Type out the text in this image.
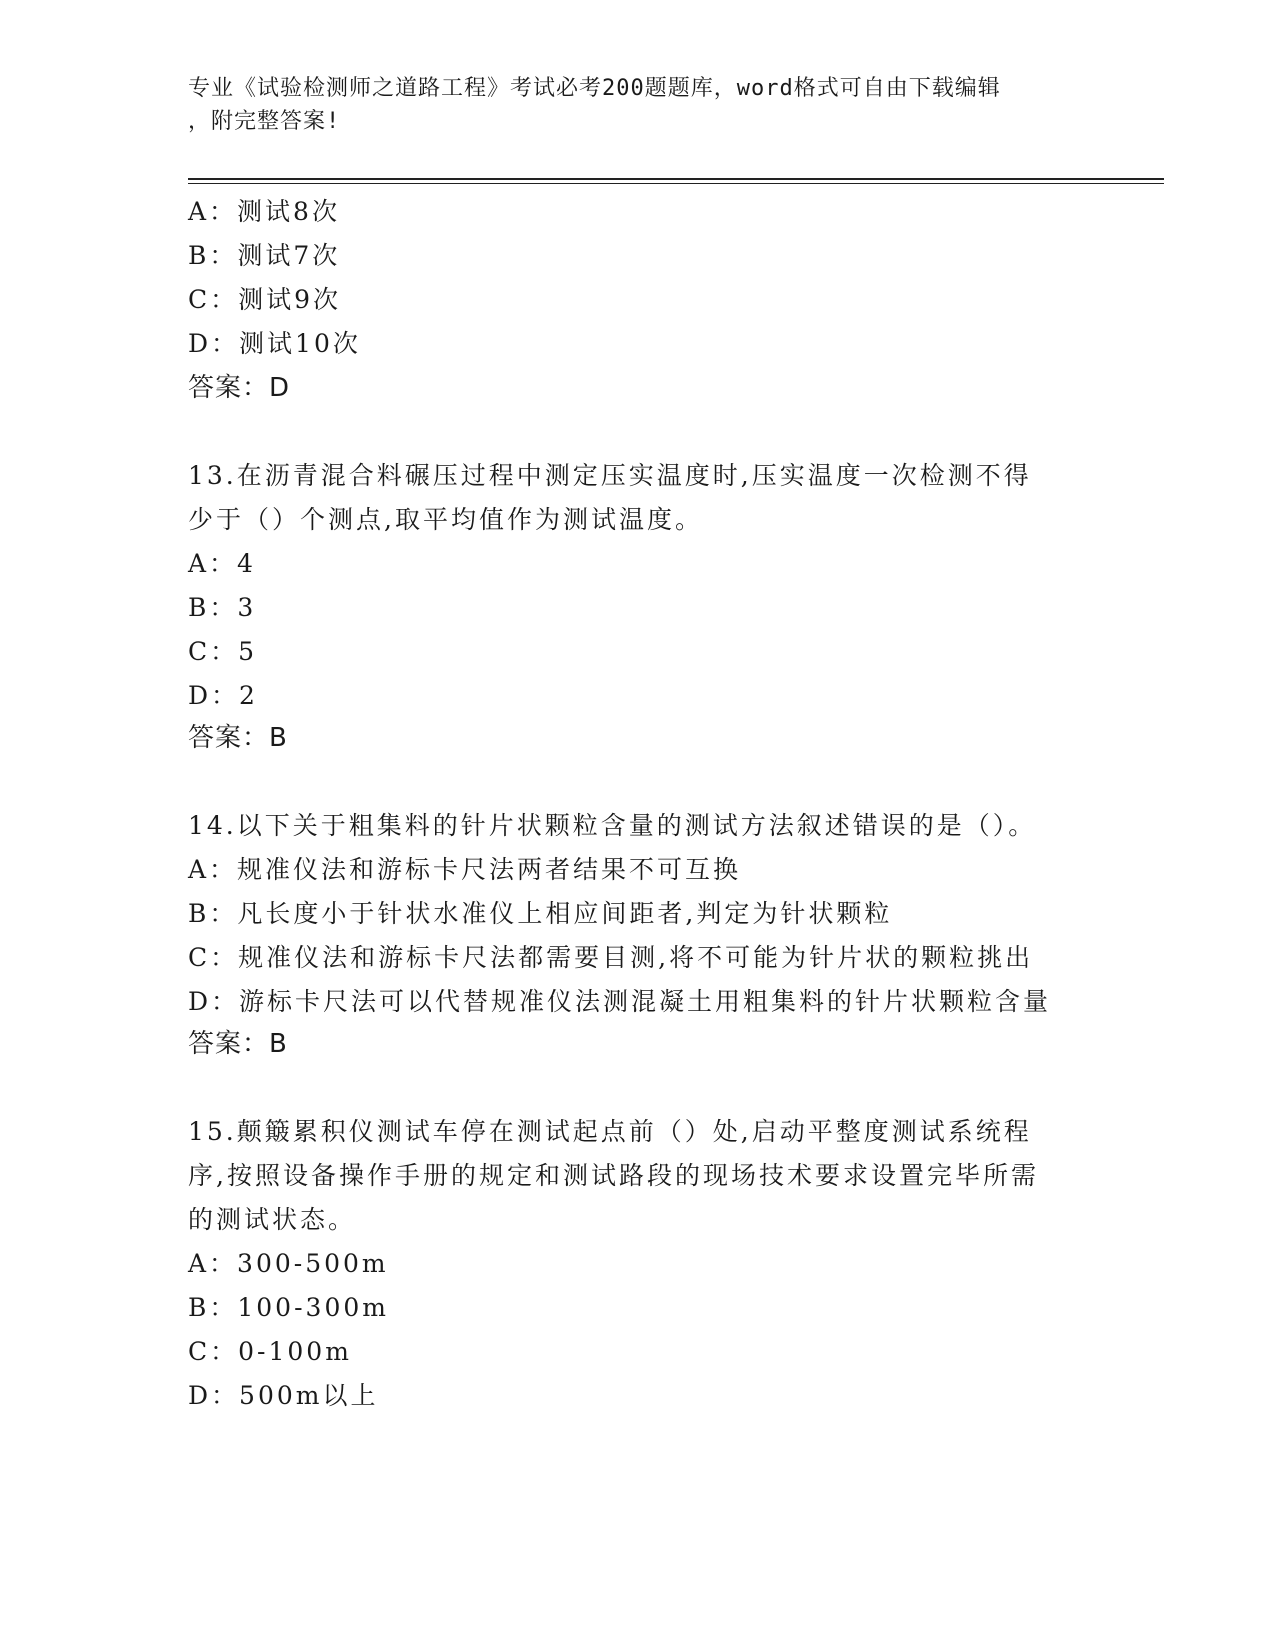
专业《试验检测师之道路工程》考试必考200题题库，word格式可自由下载编辑
，附完整答案!
A：测试8次
B：测试7次
C：测试9次
D：测试10次
答案：D
13.在沥青混合料碾压过程中测定压实温度时,压实温度一次检测不得
少于（）个测点,取平均值作为测试温度。
A：4
B：3
C：5
D：2
答案：B
14.以下关于粗集料的针片状颗粒含量的测试方法叙述错误的是（）。
A：规准仪法和游标卡尺法两者结果不可互换
B：凡长度小于针状水准仪上相应间距者,判定为针状颗粒
C：规准仪法和游标卡尺法都需要目测,将不可能为针片状的颗粒挑出
D：游标卡尺法可以代替规准仪法测混凝土用粗集料的针片状颗粒含量
答案：B
15.颠簸累积仪测试车停在测试起点前（）处,启动平整度测试系统程
序,按照设备操作手册的规定和测试路段的现场技术要求设置完毕所需
的测试状态。
A：300-500m
B：100-300m
C：0-100m
D：500m以上
